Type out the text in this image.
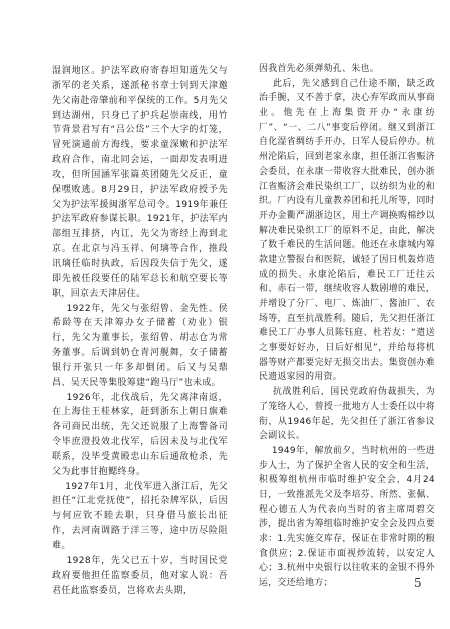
湿润地区。护法军政府寄春坦知道先父与浙军的老关系，遂派秘书章士钊到天津邀先父南赴帝肇前和平保统的工作。5月先父到达湖州，只身已了护兵起崇南线，用竹节背景君写有“吕公岱”三个大字的灯笼，冒死演通前方海线，要求童深嫩和护法军政府合作，南北同会运，一面却发表明进攻，但所国涵军张篇英团随先父反正，童保嘿败逃。8月29日，护法军政府授予先父为护法军援闽浙军总司令。1919年兼任护法军政府参谋长职。1921年，护法军内部组互排挤，内讧，先父为寄经上海到北京。在北京与冯玉祥、何璃等合作，推段讯璃任临时执政，后因段失信于先父，遂即先被任段要任的陆军总长和航空要长等职，回京去天津居住。
1922年，先父与张绍曾、金先性、侯希龄等在天津筹办女子储蓄（劝业）银行，先父为董事长，张绍曾、胡志仓为常务董事。后调到奶仓青河舰舞，女子储蓄银行开张只一年多却倒闭。后又与吴鼎昌、吴天民等集股筹建“跑马厅”也未成。
1926年，北伐战后，先父离津南返，在上海住王桂林家，赶到浙东上朝日旗难各司商民出统，先父还说服了上海警备司令毕庶澄投效北伐军，后因未及与北伐军联系，没毕受黄殿忠山东后通敌枪杀，先父为此事甘抱鳃终身。
1927年1月，北伐军进入浙江后，先父担任“江北党抚使”，招托杂牌军队，后因与何应钦不睦去职，只身借马旅长出征作，去河南调路于洋三等，途中历尽险阻难。
1928年，先父已五十岁，当时国民党政府要他担任监察委员，他对家人说：吾君任此监察委员，岂将欢去头期，
因我首先必须弹劾孔、朱也。
此后，先父感到自己仕途不顺，缺乏政治手腕，又不善于拿，决心弃军政而从事商业。他先在上海集资开办“永康纺厂”、“一、二八”事变后停闭。继又到浙江自化湿省绸纺手开办，日军人侵后停办。杭州沦陷后，回到老家永康，担任浙江省赈济会委员，在永康一带收容大批难民，创办浙江省赈济会难民染织工厂，以纺织为业的和织。厂内设有儿童教养团和托儿所等，同时开办金衢严湖浙边区，用土产调换购棉纱以解决难民染织工厂的原料不足，由此，解决了数千难民的生活问题。他还在永康城内筹款建立警报台和医院，诚轻了因日机轰炸造成的损失。永康沦陷后，难民工厂迁往云和、赤石一带，继续收容人数剧增的难民，并增设了分厂、电厂、炼油厂、酱油厂、农场等，直至抗战胜利。随后，先父担任浙江难民工厂办事人员陈钰庭、杜若友：“遣送之事要好好办，日后好相见”，并给每将机器等财产都要完好无损交出去。集资创办难民遗返家园的用资。
抗战胜利后，国民党政府伪裁损失，为了笼络人心，曾授一批地方人士委任以中将衔，从1946年起，先父担任了浙江省参议会副议长。
1949年，解放前夕，当时杭州的一些进步人士，为了保护全省人民的安全和生活，积极筹组杭州市临时维护安全会，4月24日，一致推派先父及李培芬、所然、张佩、程心德五人为代表向当时的省主席周碧交涉，提出省为筹组临时维护安全会及四点要求：1.先实施交库存，保证在非常时期的粮食供应；2.保证市面视炒流转，以安定人心；3.杭州中央银行以往收来的金银不得外运，交还给地方；	5
